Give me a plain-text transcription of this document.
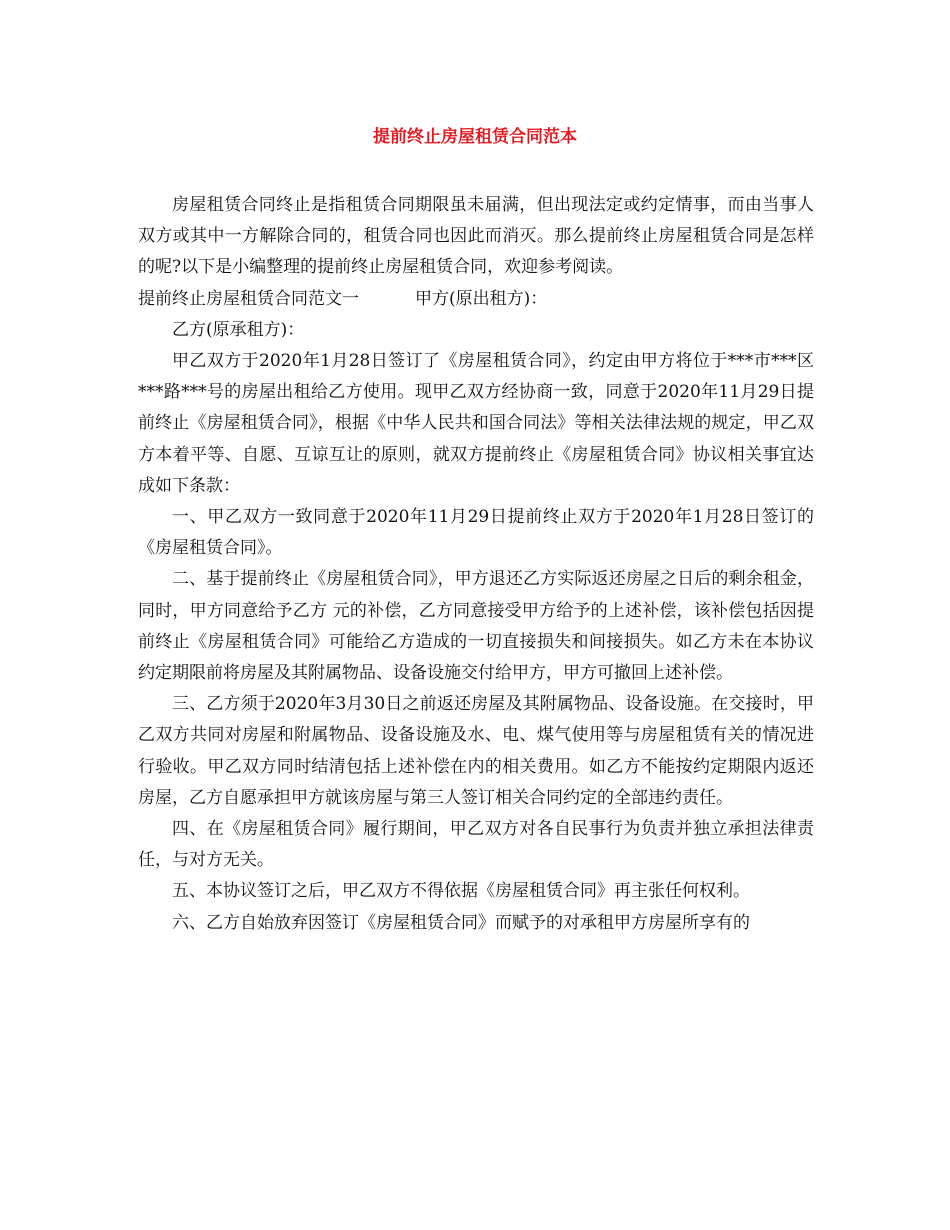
提前终止房屋租赁合同范本

房屋租赁合同终止是指租赁合同期限虽未届满，但出现法定或约定情事，而由当事人双方或其中一方解除合同的，租赁合同也因此而消灭。那么提前终止房屋租赁合同是怎样的呢?以下是小编整理的提前终止房屋租赁合同，欢迎参考阅读。

提前终止房屋租赁合同范文一	甲方(原出租方)：

乙方(原承租方)：

甲乙双方于2020年1月28日签订了《房屋租赁合同》，约定由甲方将位于***市***区***路***号的房屋出租给乙方使用。现甲乙双方经协商一致，同意于2020年11月29日提前终止《房屋租赁合同》，根据《中华人民共和国合同法》等相关法律法规的规定，甲乙双方本着平等、自愿、互谅互让的原则，就双方提前终止《房屋租赁合同》协议相关事宜达成如下条款：

一、甲乙双方一致同意于2020年11月29日提前终止双方于2020年1月28日签订的《房屋租赁合同》。

二、基于提前终止《房屋租赁合同》，甲方退还乙方实际返还房屋之日后的剩余租金，同时，甲方同意给予乙方 元的补偿，乙方同意接受甲方给予的上述补偿，该补偿包括因提前终止《房屋租赁合同》可能给乙方造成的一切直接损失和间接损失。如乙方未在本协议约定期限前将房屋及其附属物品、设备设施交付给甲方，甲方可撤回上述补偿。

三、乙方须于2020年3月30日之前返还房屋及其附属物品、设备设施。在交接时，甲乙双方共同对房屋和附属物品、设备设施及水、电、煤气使用等与房屋租赁有关的情况进行验收。甲乙双方同时结清包括上述补偿在内的相关费用。如乙方不能按约定期限内返还房屋，乙方自愿承担甲方就该房屋与第三人签订相关合同约定的全部违约责任。

四、在《房屋租赁合同》履行期间，甲乙双方对各自民事行为负责并独立承担法律责任，与对方无关。

五、本协议签订之后，甲乙双方不得依据《房屋租赁合同》再主张任何权利。

六、乙方自始放弃因签订《房屋租赁合同》而赋予的对承租甲方房屋所享有的
